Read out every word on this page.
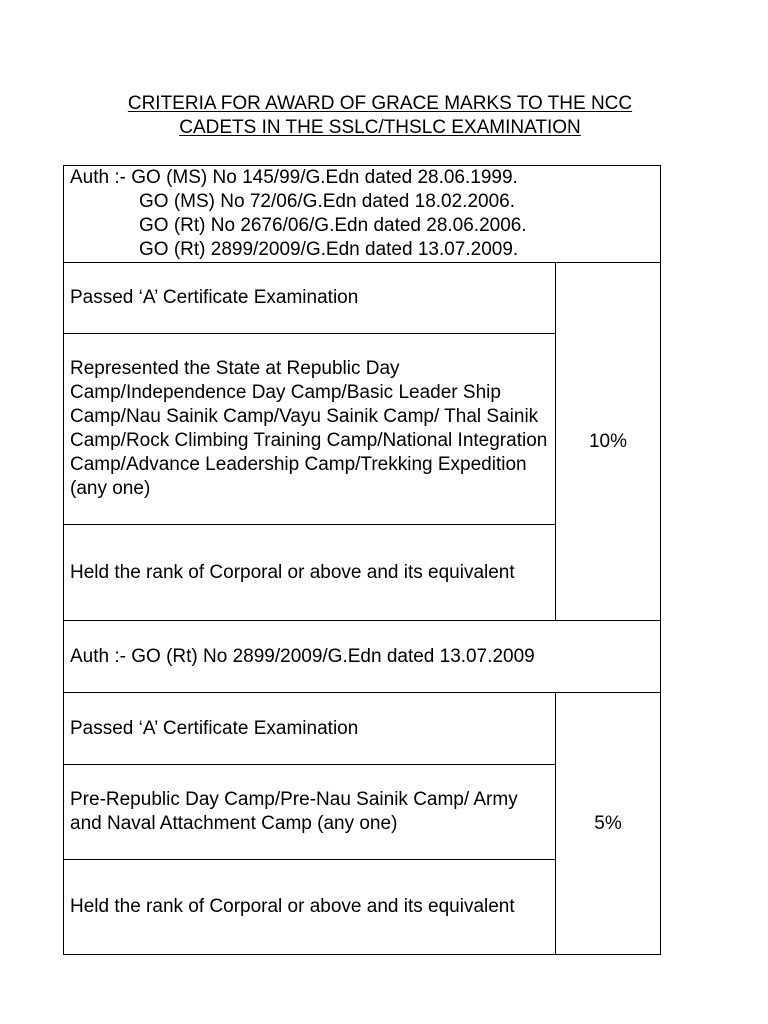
CRITERIA FOR AWARD OF GRACE MARKS TO THE NCC
CADETS IN THE SSLC/THSLC EXAMINATION
Auth :- GO (MS) No 145/99/G.Edn dated 28.06.1999.
GO (MS) No 72/06/G.Edn dated 18.02.2006.
GO (Rt) No 2676/06/G.Edn dated 28.06.2006.
GO (Rt) 2899/2009/G.Edn dated 13.07.2009.	

Passed ‘A’ Certificate Examination	10%
Represented the State at Republic Day Camp/Independence Day Camp/Basic Leader Ship Camp/Nau Sainik Camp/Vayu Sainik Camp/ Thal Sainik Camp/Rock Climbing Training Camp/National Integration Camp/Advance Leadership Camp/Trekking Expedition (any one)	
Held the rank of Corporal or above and its equivalent	
Auth :- GO (Rt) No 2899/2009/G.Edn dated 13.07.2009	
Passed ‘A’ Certificate Examination	5%
Pre-Republic Day Camp/Pre-Nau Sainik Camp/ Army and Naval Attachment Camp (any one)	
Held the rank of Corporal or above and its equivalent	
